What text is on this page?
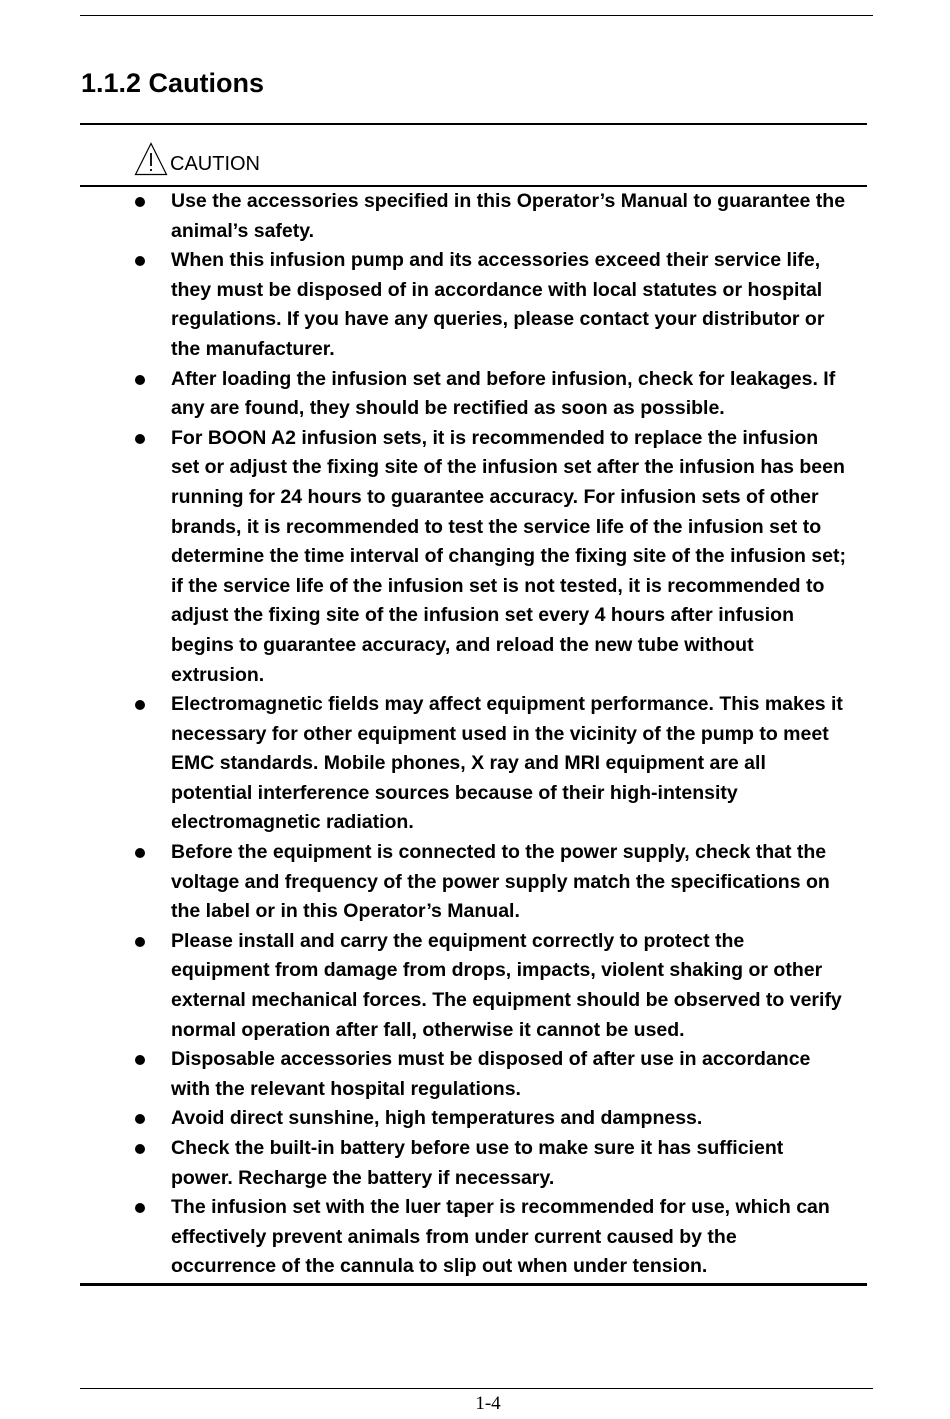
1.1.2 Cautions
CAUTION
Use the accessories specified in this Operator’s Manual to guarantee the
animal’s safety.
When this infusion pump and its accessories exceed their service life,
they must be disposed of in accordance with local statutes or hospital
regulations. If you have any queries, please contact your distributor or
the manufacturer.
After loading the infusion set and before infusion, check for leakages. If
any are found, they should be rectified as soon as possible.
For BOON A2 infusion sets, it is recommended to replace the infusion
set or adjust the fixing site of the infusion set after the infusion has been
running for 24 hours to guarantee accuracy. For infusion sets of other
brands, it is recommended to test the service life of the infusion set to
determine the time interval of changing the fixing site of the infusion set;
if the service life of the infusion set is not tested, it is recommended to
adjust the fixing site of the infusion set every 4 hours after infusion
begins to guarantee accuracy, and reload the new tube without
extrusion.
Electromagnetic fields may affect equipment performance. This makes it
necessary for other equipment used in the vicinity of the pump to meet
EMC standards. Mobile phones, X ray and MRI equipment are all
potential interference sources because of their high-intensity
electromagnetic radiation.
Before the equipment is connected to the power supply, check that the
voltage and frequency of the power supply match the specifications on
the label or in this Operator’s Manual.
Please install and carry the equipment correctly to protect the
equipment from damage from drops, impacts, violent shaking or other
external mechanical forces. The equipment should be observed to verify
normal operation after fall, otherwise it cannot be used.
Disposable accessories must be disposed of after use in accordance
with the relevant hospital regulations.
Avoid direct sunshine, high temperatures and dampness.
Check the built-in battery before use to make sure it has sufficient
power. Recharge the battery if necessary.
The infusion set with the luer taper is recommended for use, which can
effectively prevent animals from under current caused by the
occurrence of the cannula to slip out when under tension.
1-4
